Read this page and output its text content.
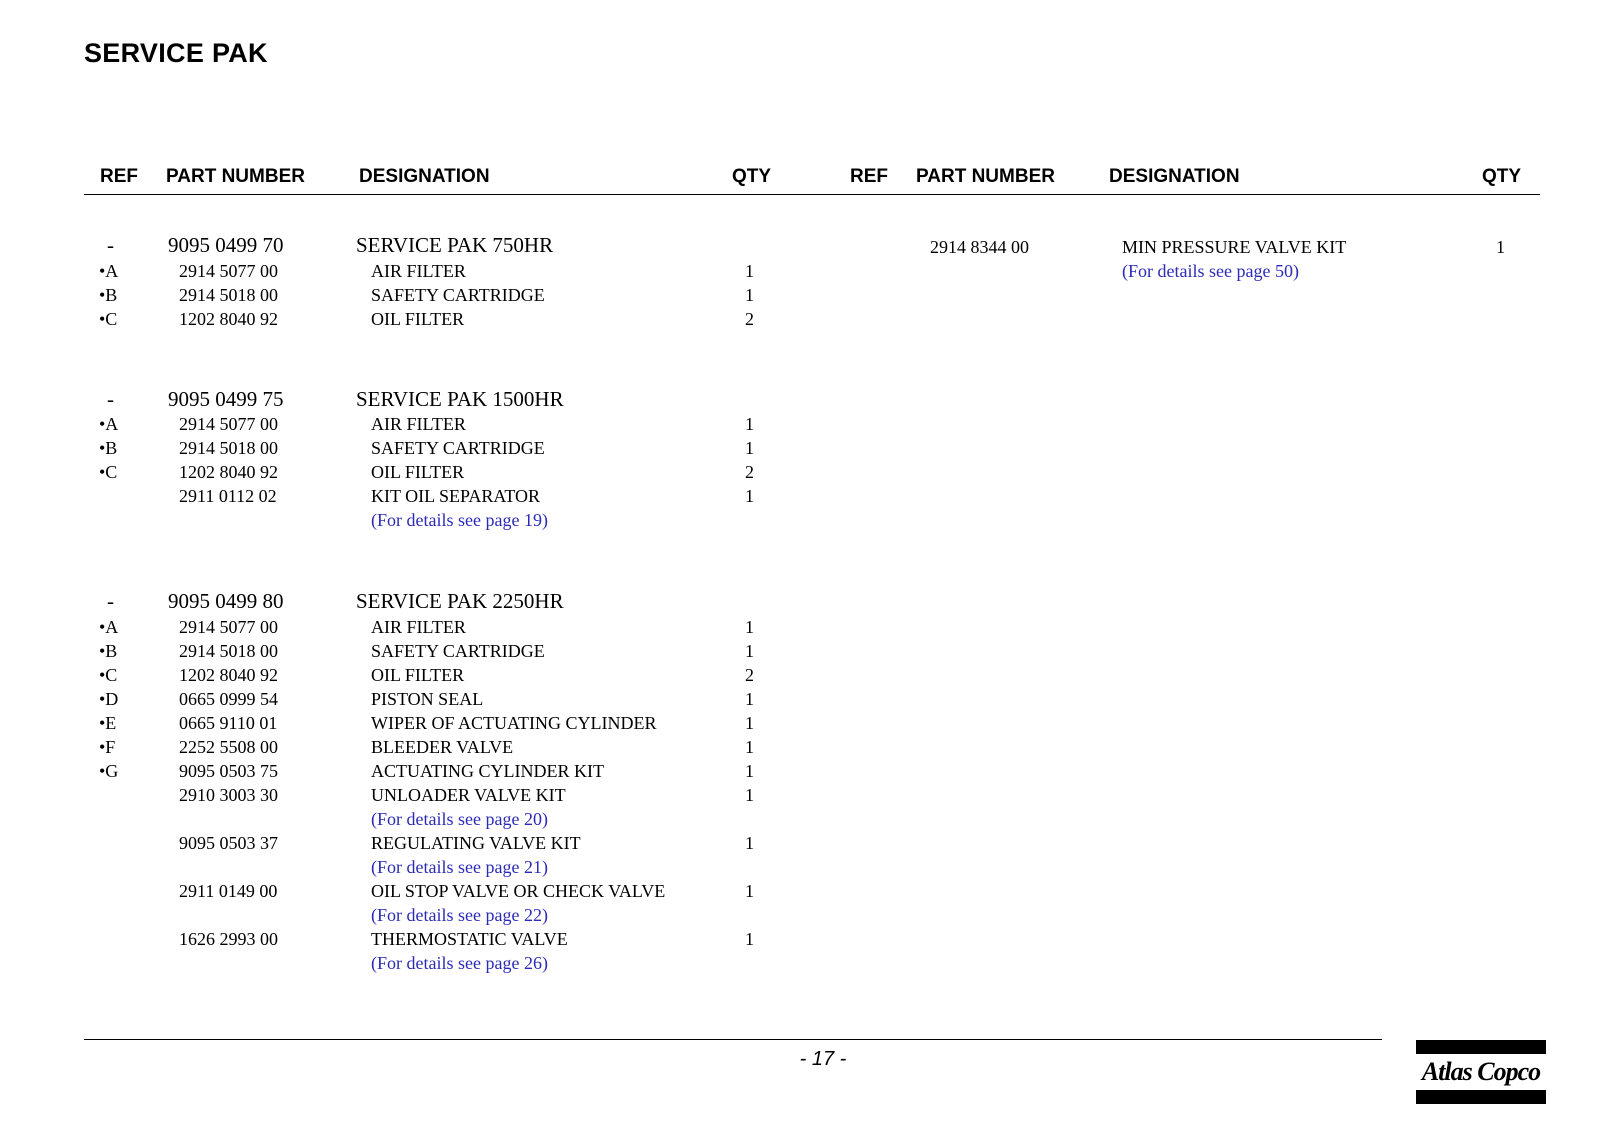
SERVICE PAK
REF PART NUMBER	DESIGNATION	QTY	REF PART NUMBER	DESIGNATION	QTY
-	9095 0499 70	SERVICE PAK 750HR
•A	2914 5077 00	AIR FILTER	1
•B	2914 5018 00	SAFETY CARTRIDGE	1
•C	1202 8040 92	OIL FILTER	2
-	9095 0499 75	SERVICE PAK 1500HR
•A	2914 5077 00	AIR FILTER	1
•B	2914 5018 00	SAFETY CARTRIDGE	1
•C	1202 8040 92	OIL FILTER	2
2911 0112 02	KIT OIL SEPARATOR	1
(For details see page 19)
-	9095 0499 80	SERVICE PAK 2250HR
•A	2914 5077 00	AIR FILTER	1
•B	2914 5018 00	SAFETY CARTRIDGE	1
•C	1202 8040 92	OIL FILTER	2
•D	0665 0999 54	PISTON SEAL	1
•E	0665 9110 01	WIPER OF ACTUATING CYLINDER	1
•F	2252 5508 00	BLEEDER VALVE	1
•G	9095 0503 75	ACTUATING CYLINDER KIT	1
2910 3003 30	UNLOADER VALVE KIT	1
(For details see page 20)
9095 0503 37	REGULATING VALVE KIT	1
(For details see page 21)
2911 0149 00	OIL STOP VALVE OR CHECK VALVE	1
(For details see page 22)
1626 2993 00	THERMOSTATIC VALVE	1
(For details see page 26)
2914 8344 00	MIN PRESSURE VALVE KIT	1
(For details see page 50)
- 17 -	Atlas Copco
